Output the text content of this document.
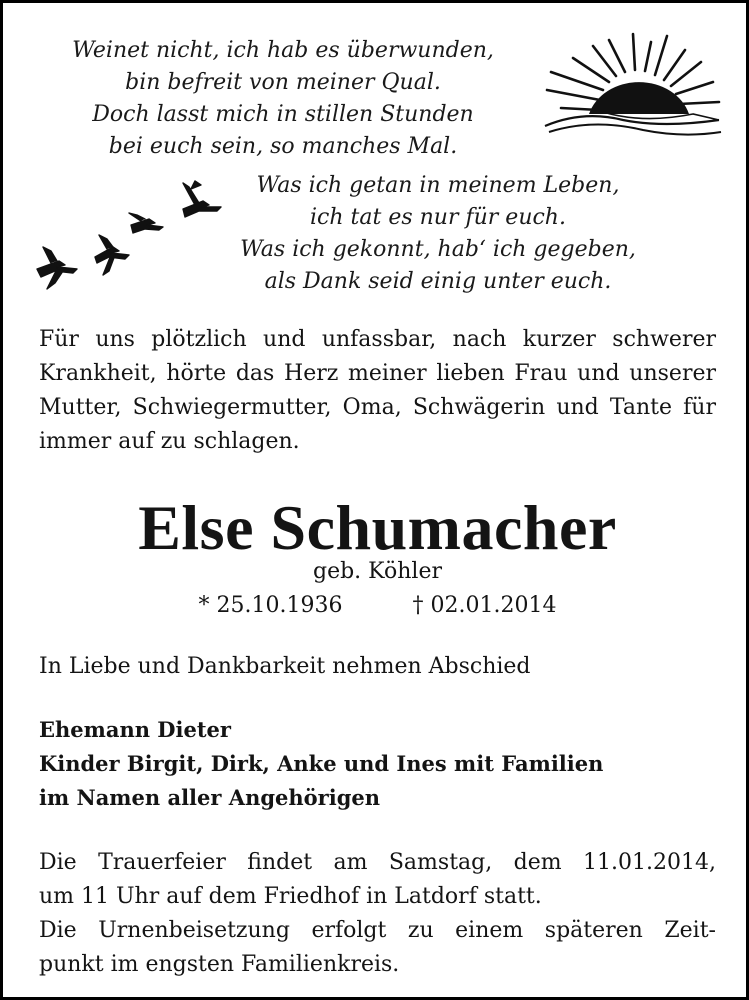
Weinet nicht, ich hab es überwunden,
bin befreit von meiner Qual.
Doch lasst mich in stillen Stunden
bei euch sein, so manches Mal.
Was ich getan in meinem Leben,
ich tat es nur für euch.
Was ich gekonnt, hab‘ ich gegeben,
als Dank seid einig unter euch.
Für uns plötzlich und unfassbar, nach kurzer schwerer Krankheit, hörte das Herz meiner lieben Frau und unserer Mutter, Schwiegermutter, Oma, Schwägerin und Tante für immer auf zu schlagen.
Else Schumacher
geb. Köhler
* 25.10.1936	† 02.01.2014
In Liebe und Dankbarkeit nehmen Abschied
Ehemann Dieter
Kinder Birgit, Dirk, Anke und Ines mit Familien
im Namen aller Angehörigen
Die Trauerfeier findet am Samstag, dem 11.01.2014,
um 11 Uhr auf dem Friedhof in Latdorf statt.
Die Urnenbeisetzung erfolgt zu einem späteren Zeit-
punkt im engsten Familienkreis.
